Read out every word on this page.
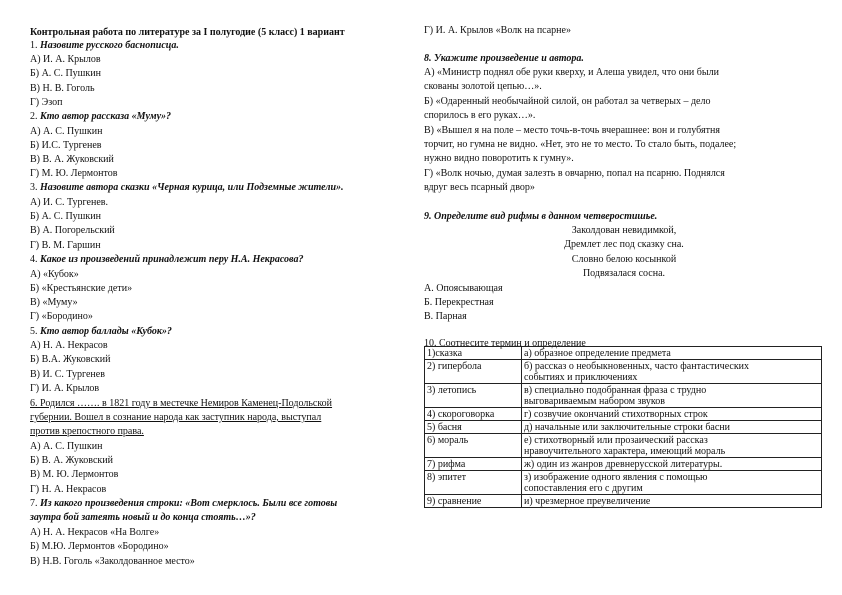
Контрольная работа по литературе за I полугодие (5 класс) 1 вариант
1. Назовите русского баснописца.
А) И. А. Крылов
Б) А. С. Пушкин
В) Н. В. Гоголь
Г) Эзоп
2. Кто автор рассказа «Муму»?
А) А. С. Пушкин
Б) И.С. Тургенев
В) В. А. Жуковский
Г) М. Ю. Лермонтов
3. Назовите автора сказки «Черная курица, или Подземные жители».
А) И. С. Тургенев.
Б) А. С. Пушкин
В) А. Погорельский
Г) В. М. Гаршин
4. Какое из произведений принадлежит перу Н.А. Некрасова?
А) «Кубок»
Б) «Крестьянские дети»
В) «Муму»
Г) «Бородино»
5. Кто автор баллады «Кубок»?
А) Н. А. Некрасов
Б) В.А. Жуковский
В) И. С. Тургенев
Г) И. А. Крылов
6. Родился ……. в 1821 году в местечке Немиров Каменец-Подольской
губернии. Вошел в сознание народа как заступник народа, выступал
против крепостного права.
А) А. С. Пушкин
Б) В. А. Жуковский
В) М. Ю. Лермонтов
Г) Н. А. Некрасов
7. Из какого произведения строки: «Вот смерклось. Были все готовы
заутра бой затеять новый и до конца стоять…»?
А) Н. А. Некрасов «На Волге»
Б) М.Ю. Лермонтов «Бородино»
В) Н.В. Гоголь «Заколдованное место»
Г) И. А. Крылов «Волк на псарне»
8. Укажите произведение и автора.
А) «Министр поднял обе руки кверху, и Алеша увидел, что они были
скованы золотой цепью…».
Б) «Одаренный необычайной силой, он работал за четверых – дело
спорилось в его руках…».
В) «Вышел я на поле – место точь-в-точь вчерашнее: вон и голубятня
торчит, но гумна не видно. «Нет, это не то место. То стало быть, подалее;
нужно видно поворотить к гумну».
Г) «Волк ночью, думая залезть в овчарню, попал на псарню. Поднялся
вдруг весь псарный двор»
9. Определите вид рифмы в данном четверостишье.
Заколдован невидимкой,
Дремлет лес под сказку сна.
Словно белою косынкой
Подвязалася сосна.
А. Опоясывающая
Б. Перекрестная
В. Парная
10. Соотнесите термин и определение
1)сказка	а) образное определение предмета

2) гипербола	б) рассказ о необыкновенных, часто фантастических
событиях и приключениях

3) летопись	в) специально подобранная фраза с трудно
выговариваемым набором звуков

4) скороговорка	г) созвучие окончаний стихотворных строк

5) басня	д) начальные или заключительные строки басни

6) мораль	е) стихотворный или прозаический рассказ
нравоучительного характера, имеющий мораль

7) рифма	ж) один из жанров древнерусской литературы.

8) эпитет	з) изображение одного явления с помощью
сопоставления его с другим

9) сравнение	и) чрезмерное преувеличение
